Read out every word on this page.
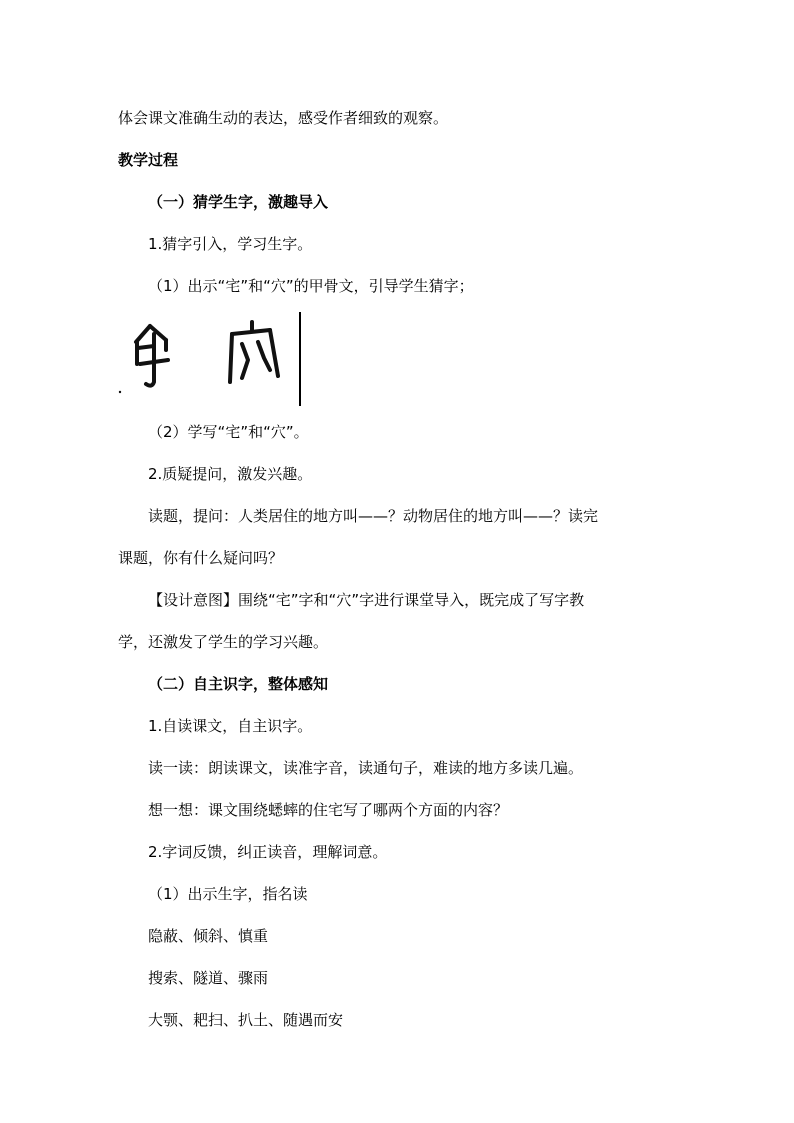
体会课文准确生动的表达，感受作者细致的观察。

教学过程

（一）猜学生字，激趣导入

1.猜字引入，学习生字。

（1）出示“宅”和“穴”的甲骨文，引导学生猜字；

（2）学写“宅”和“穴”。

2.质疑提问，激发兴趣。

读题，提问：人类居住的地方叫——？动物居住的地方叫——？读完

课题，你有什么疑问吗？

【设计意图】围绕“宅”字和“穴”字进行课堂导入，既完成了写字教

学，还激发了学生的学习兴趣。

（二）自主识字，整体感知

1.自读课文，自主识字。

读一读：朗读课文，读准字音，读通句子，难读的地方多读几遍。

想一想：课文围绕蟋蟀的住宅写了哪两个方面的内容？

2.字词反馈，纠正读音，理解词意。

（1）出示生字，指名读

隐蔽、倾斜、慎重

搜索、隧道、骤雨

大颚、耙扫、扒土、随遇而安
